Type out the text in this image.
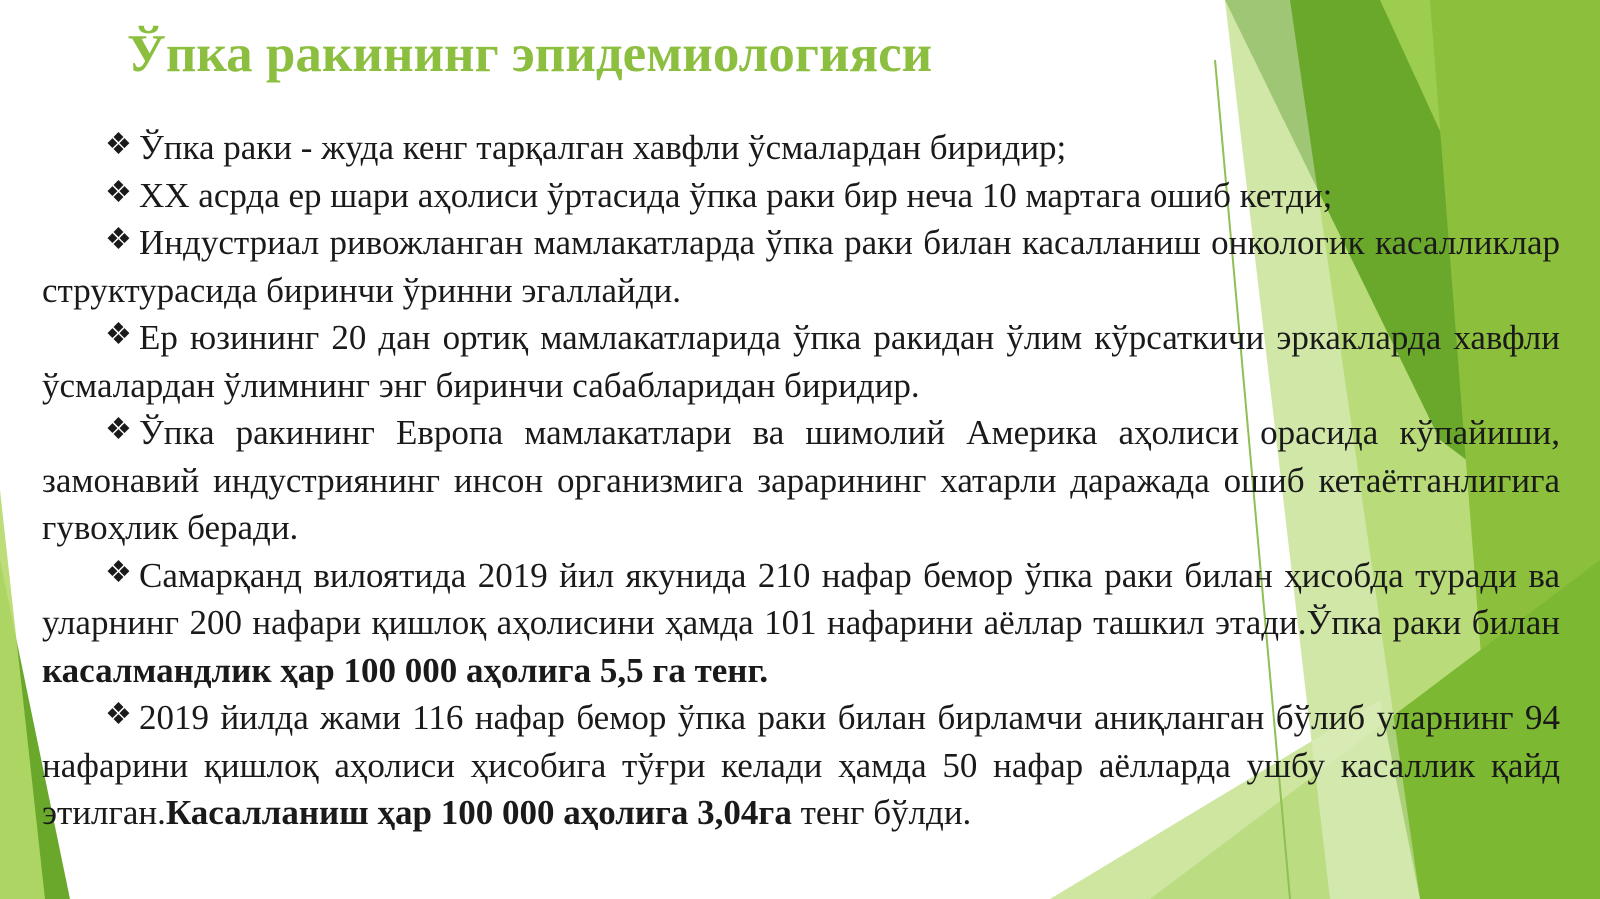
Ўпка ракининг эпидемиологияси

❖ Ўпка раки - жуда кенг тарқалган хавфли ўсмалардан биридир;

❖ XX асрда ер шари аҳолиси ўртасида ўпка раки бир неча 10 мартага ошиб кетди;

❖ Индустриал ривожланган мамлакатларда ўпка раки билан касалланиш онкологик касалликлар структурасида биринчи ўринни эгаллайди.

❖ Ер юзининг 20 дан ортиқ мамлакатларида ўпка ракидан ўлим кўрсаткичи эркакларда хавфли ўсмалардан ўлимнинг энг биринчи сабабларидан биридир.

❖ Ўпка ракининг Европа мамлакатлари ва шимолий Америка аҳолиси орасида кўпайиши, замонавий индустриянинг инсон организмига зарарининг хатарли даражада ошиб кетаётганлигига гувоҳлик беради.

❖ Самарқанд вилоятида 2019 йил якунида 210 нафар бемор ўпка раки билан ҳисобда туради ва уларнинг 200 нафари қишлоқ аҳолисини ҳамда 101 нафарини аёллар ташкил этади.Ўпка раки билан касалмандлик ҳар 100 000 аҳолига 5,5 га тенг.

❖ 2019 йилда жами 116 нафар бемор ўпка раки билан бирламчи аниқланган бўлиб уларнинг 94 нафарини қишлоқ аҳолиси ҳисобига тўғри келади ҳамда 50 нафар аёлларда ушбу касаллик қайд этилган.Касалланиш ҳар 100 000 аҳолига 3,04га тенг бўлди.
